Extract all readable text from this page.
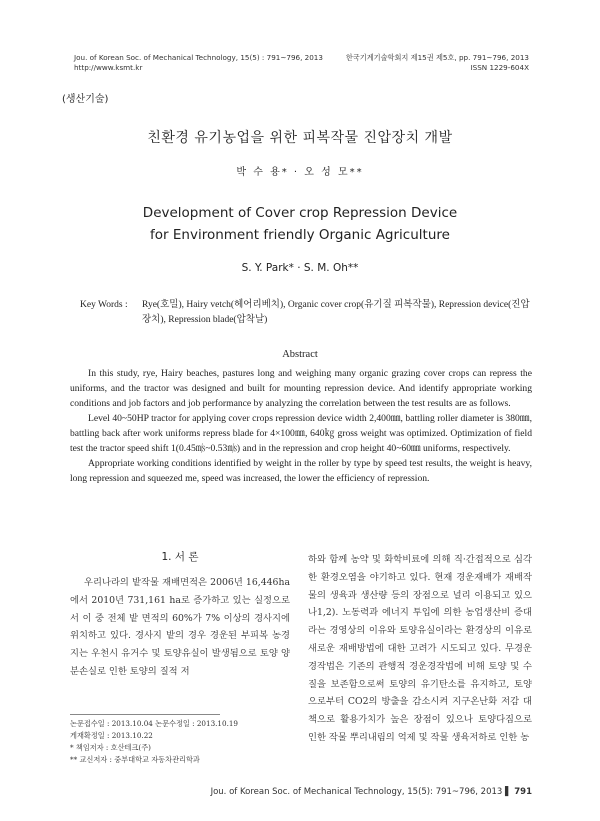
Jou. of Korean Soc. of Mechanical Technology, 15(5) : 791~796, 2013
http://www.ksmt.kr
한국기계기술학회지 제15권 제5호, pp. 791~796, 2013
ISSN 1229-604X
(생산기술)
친환경 유기농업을 위한 피복작물 진압장치 개발
박 수 용* · 오 성 모**
Development of Cover crop Repression Device
for Environment friendly Organic Agriculture
S. Y. Park* · S. M. Oh**
Key Words : Rye(호밀), Hairy vetch(헤어리베치), Organic cover crop(유기질 피복작물), Repression device(진압장치), Repression blade(압착날)
Abstract

In this study, rye, Hairy beaches, pastures long and weighing many organic grazing cover crops can repress the uniforms, and the tractor was designed and built for mounting repression device. And identify appropriate working conditions and job factors and job performance by analyzing the correlation between the test results are as follows.

Level 40~50HP tractor for applying cover crops repression device width 2,400㎜, battling roller diameter is 380㎜, battling back after work uniforms repress blade for 4×100㎜, 640㎏ gross weight was optimized. Optimization of field test the tractor speed shift 1(0.45㎧~0.53㎧) and in the repression and crop height 40~60㎜ uniforms, respectively.

Appropriate working conditions identified by weight in the roller by type by speed test results, the weight is heavy, long repression and squeezed me, speed was increased, the lower the efficiency of repression.

1. 서 론
우리나라의 밭작물 재배면적은 2006년 16,446ha에서 2010년 731,161 ha로 증가하고 있는 실정으로서 이 중 전체 밭 면적의 60%가 7% 이상의 경사지에 위치하고 있다. 경사지 밭의 경우 경운된 부피복 농경지는 우천시 유거수 및 토양유실이 발생됨으로 토양 양분손실로 인한 토양의 질적 저
하와 함께 농약 및 화학비료에 의해 직·간접적으로 심각한 환경오염을 야기하고 있다. 현재 경운재배가 재배작물의 생육과 생산량 등의 장점으로 널리 이용되고 있으나1,2). 노동력과 에너지 투입에 의한 농업생산비 증대라는 경영상의 이유와 토양유실이라는 환경상의 이유로 새로운 재배방법에 대한 고려가 시도되고 있다. 무경운 경작법은 기존의 관행적 경운경작법에 비해 토양 및 수질을 보존함으로써 토양의 유기탄소를 유지하고, 토양으로부터 CO2의 방출을 감소시켜 지구온난화 저감 대책으로 활용가치가 높은 장점이 있으나 토양다짐으로 인한 작물 뿌리내림의 억제 및 작물 생육저하로 인한 농
논문접수일 : 2013.10.04 논문수정일 : 2013.10.19
게재확정일 : 2013.10.22
* 책임저자 : 호산테크(주)
** 교신저자 : 중부대학교 자동차관리학과
Jou. of Korean Soc. of Mechanical Technology, 15(5): 791~796, 2013 ▌ 791
